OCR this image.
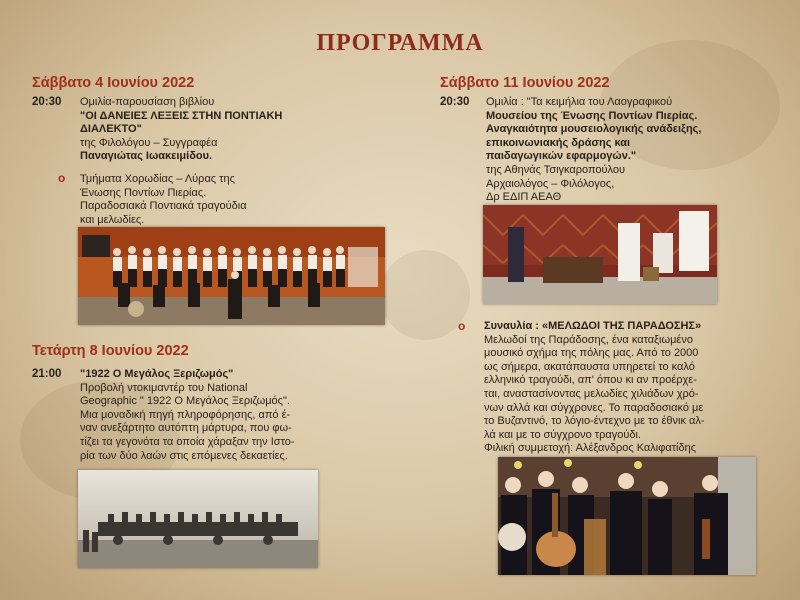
ΠΡΟΓΡΑΜΜΑ
Σάββατο 4 Ιουνίου 2022
20:30 Ομιλία-παρουσίαση βιβλίου
"ΟΙ ΔΑΝΕΙΕΣ ΛΕΞΕΙΣ ΣΤΗΝ ΠΟΝΤΙΑΚΗ
ΔΙΑΛΕΚΤΟ"
της Φιλολόγου – Συγγραφέα
Παναγιώτας Ιωακειμίδου.
ο Τμήματα Χορωδίας – Λύρας της
Ένωσης Ποντίων Πιερίας.
Παραδοσιακά Ποντιακά τραγούδια
και μελωδίες.
Τετάρτη 8 Ιουνίου 2022
21:00 "1922 Ο Μεγάλος Ξεριζωμός"
Προβολή ντοκιμαντέρ του National
Geographic " 1922 Ο Μεγάλος Ξεριζωμός".
Μια μοναδική πηγή πληροφόρησης, από έ-
ναν ανεξάρτητο αυτόπτη μάρτυρα, που φω-
τίζει τα γεγονότα τα οποία χάραξαν την Ιστο-
ρία των δύο λαών στις επόμενες δεκαετίες.
Σάββατο 11 Ιουνίου 2022
20:30 Ομιλία : "Τα κειμήλια του Λαογραφικού
Μουσείου της Ένωσης Ποντίων Πιερίας.
Αναγκαιότητα μουσειολογικής ανάδειξης,
επικοινωνιακής δράσης και
παιδαγωγικών εφαρμογών."
της Αθηνάς Τσιγκαροπούλου
Αρχαιολόγος – Φιλόλογος,
Δρ ΕΔΙΠ ΑΕΑΘ
ο Συναυλία : «ΜΕΛΩΔΟΙ ΤΗΣ ΠΑΡΑΔΟΣΗΣ»
Μελωδοί της Παράδοσης, ένα καταξιωμένο
μουσικό σχήμα της πόλης μας. Από το 2000
ως σήμερα, ακατάπαυστα υπηρετεί το καλό
ελληνικό τραγούδι, απ' όπου κι αν προέρχε-
ται, αναστασίνοντας μελωδίες χιλιάδων χρό-
νων αλλά και σύγχρονες. Το παραδοσιακό με
το Βυζαντινό, το λόγιο-έντεχνο με το έθνικ αλ-
λά και με το σύγχρονο τραγούδι.
Φιλική συμμετοχή: Αλέξανδρος Καλιφατίδης
